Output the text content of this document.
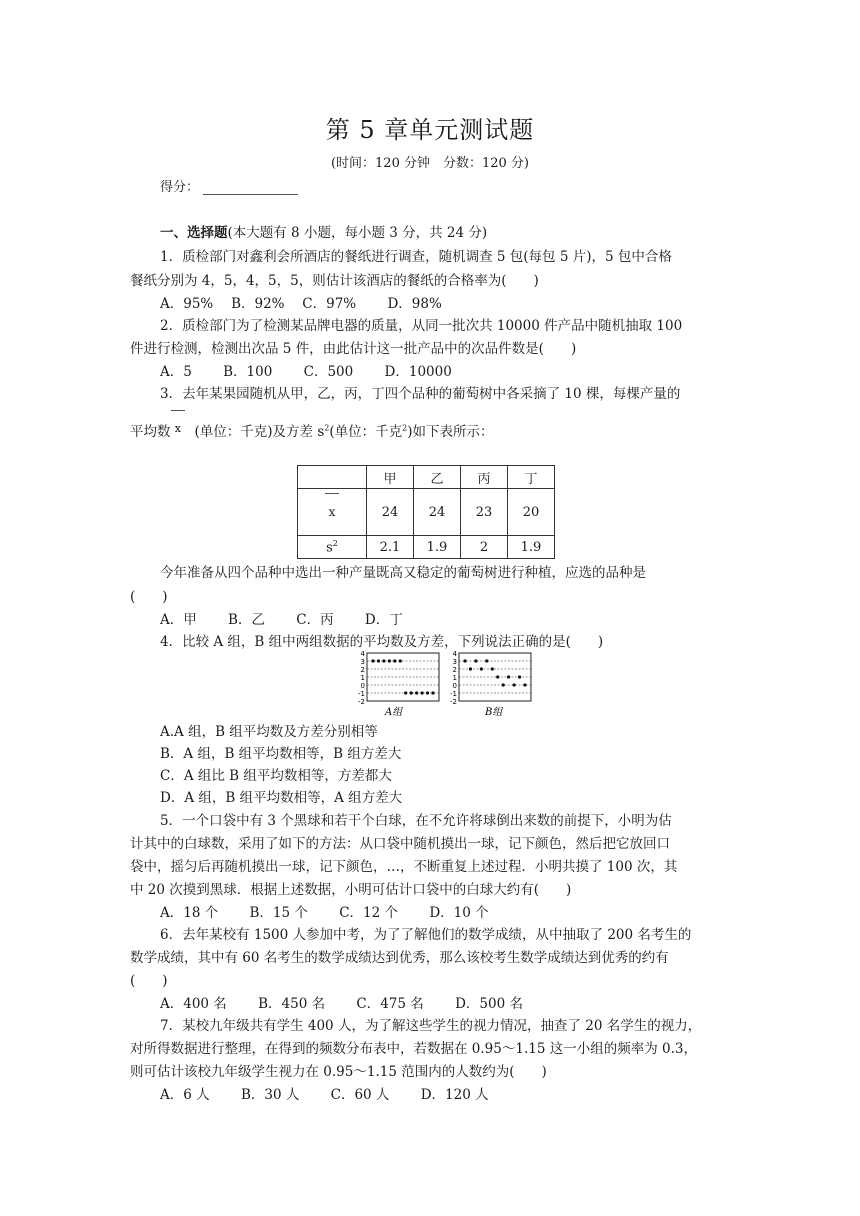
第 5 章单元测试题
(时间：120 分钟　分数：120 分)
得分：
一、选择题(本大题有 8 小题，每小题 3 分，共 24 分)
1．质检部门对鑫利会所酒店的餐纸进行调查，随机调查 5 包(每包 5 片)，5 包中合格
餐纸分别为 4，5，4，5，5，则估计该酒店的餐纸的合格率为(　　)
A．95%　 B．92%　 C．97%　　 D．98%
2．质检部门为了检测某品牌电器的质量，从同一批次共 10000 件产品中随机抽取 100
件进行检测，检测出次品 5 件，由此估计这一批产品中的次品件数是(　　)
A．5　　 B．100　　 C．500　　 D．10000
3．去年某果园随机从甲，乙，丙，丁四个品种的葡萄树中各采摘了 10 棵，每棵产量的
平均数 x　 (单位：千克)及方差 $s^2$(单位：千克$^2$)如下表所示：
	甲	乙	丙	丁
x	24	24	23	20
$s^2$	2.1	1.9	2	1.9
今年准备从四个品种中选出一种产量既高又稳定的葡萄树进行种植，应选的品种是
(　　)
A．甲　　 B．乙　　 C．丙　　 D．丁
4．比较 A 组，B 组中两组数据的平均数及方差，下列说法正确的是(　　)
4
3
2
1
0
-1
-2
4
3
2
1
0
-1
-2
A组	B组
A.A 组，B 组平均数及方差分别相等
B．A 组，B 组平均数相等，B 组方差大
C．A 组比 B 组平均数相等，方差都大
D．A 组，B 组平均数相等，A 组方差大
5．一个口袋中有 3 个黑球和若干个白球，在不允许将球倒出来数的前提下，小明为估
计其中的白球数，采用了如下的方法：从口袋中随机摸出一球，记下颜色，然后把它放回口
袋中，摇匀后再随机摸出一球，记下颜色，…，不断重复上述过程．小明共摸了 100 次，其
中 20 次摸到黑球．根据上述数据，小明可估计口袋中的白球大约有(　　)
A．18 个　　 B．15 个　　 C．12 个　　 D．10 个
6．去年某校有 1500 人参加中考，为了了解他们的数学成绩，从中抽取了 200 名考生的
数学成绩，其中有 60 名考生的数学成绩达到优秀，那么该校考生数学成绩达到优秀的约有
(　　)
A．400 名　　 B．450 名　　 C．475 名　　 D．500 名
7．某校九年级共有学生 400 人，为了解这些学生的视力情况，抽查了 20 名学生的视力，
对所得数据进行整理，在得到的频数分布表中，若数据在 0.95～1.15 这一小组的频率为 0.3，
则可估计该校九年级学生视力在 0.95～1.15 范围内的人数约为(　　)
A．6 人　　 B．30 人　　 C．60 人　　 D．120 人
